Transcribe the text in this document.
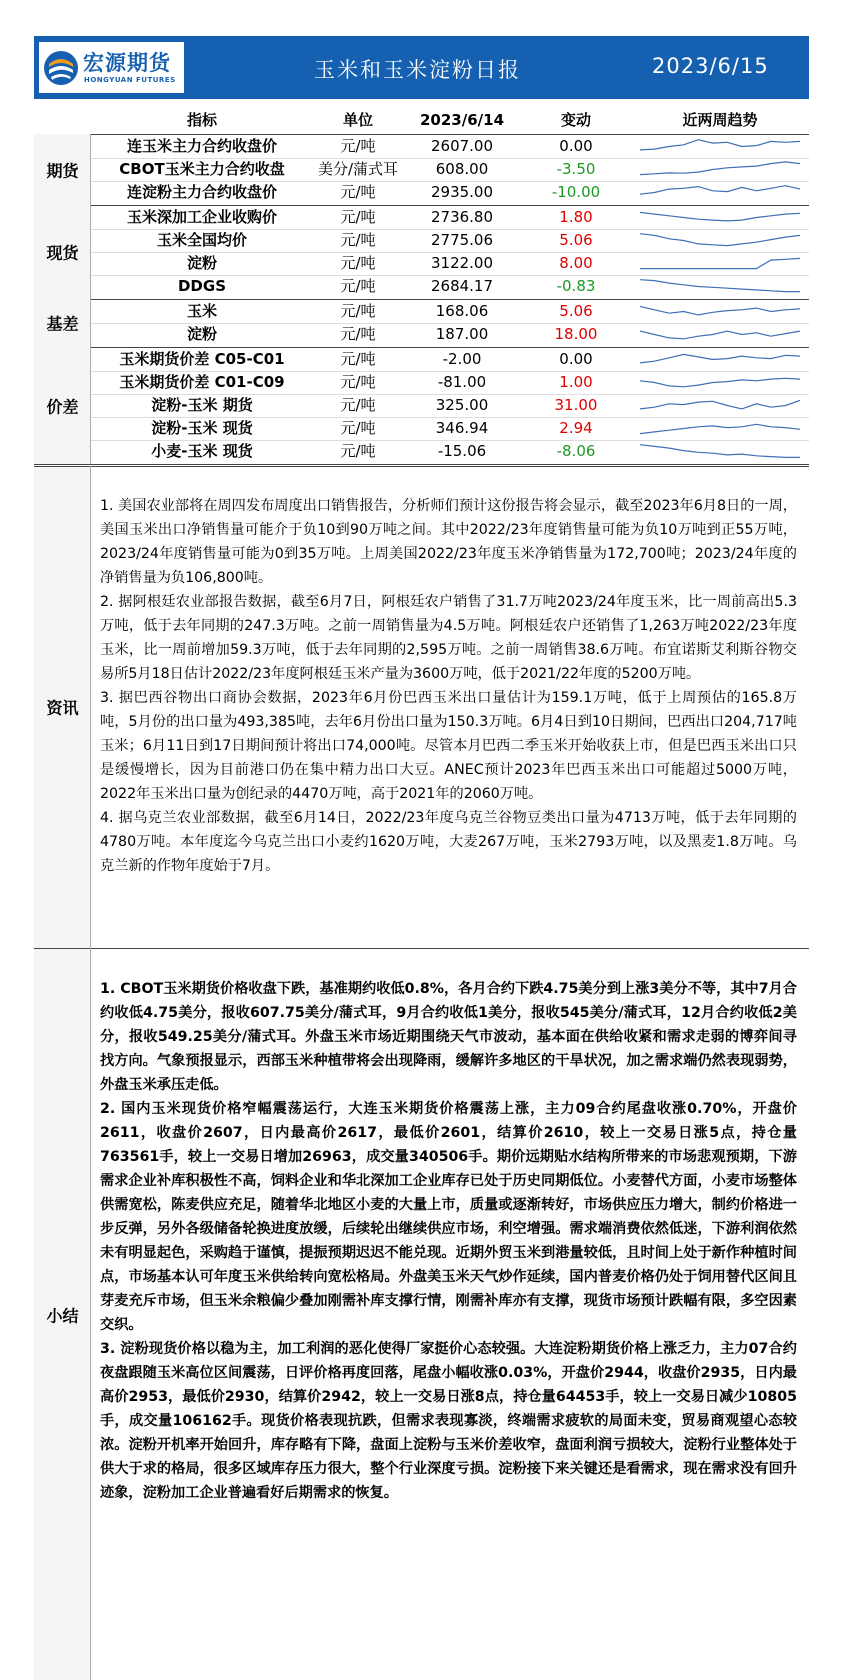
宏源期货
HONGYUAN FUTURES	玉米和玉米淀粉日报	2023/6/15
指标	单位	2023/6/14	变动	近两周趋势
期货
连玉米主力合约收盘价	元/吨	2607.00	0.00
CBOT玉米主力合约收盘	美分/蒲式耳	608.00	-3.50
连淀粉主力合约收盘价	元/吨	2935.00	-10.00
现货
玉米深加工企业收购价	元/吨	2736.80	1.80
玉米全国均价	元/吨	2775.06	5.06
淀粉	元/吨	3122.00	8.00
DDGS	元/吨	2684.17	-0.83
基差
玉米	元/吨	168.06	5.06
淀粉	元/吨	187.00	18.00
价差
玉米期货价差 C05-C01	元/吨	-2.00	0.00
玉米期货价差 C01-C09	元/吨	-81.00	1.00
淀粉-玉米 期货	元/吨	325.00	31.00
淀粉-玉米 现货	元/吨	346.94	2.94
小麦-玉米 现货	元/吨	-15.06	-8.06
资讯

1. 美国农业部将在周四发布周度出口销售报告，分析师们预计这份报告将会显示，截至2023年6月8日的一周，美国玉米出口净销售量可能介于负10到90万吨之间。其中2022/23年度销售量可能为负10万吨到正55万吨，2023/24年度销售量可能为0到35万吨。上周美国2022/23年度玉米净销售量为172,700吨；2023/24年度的净销售量为负106,800吨。

2. 据阿根廷农业部报告数据，截至6月7日，阿根廷农户销售了31.7万吨2023/24年度玉米，比一周前高出5.3万吨，低于去年同期的247.3万吨。之前一周销售量为4.5万吨。阿根廷农户还销售了1,263万吨2022/23年度玉米，比一周前增加59.3万吨，低于去年同期的2,595万吨。之前一周销售38.6万吨。布宜诺斯艾利斯谷物交易所5月18日估计2022/23年度阿根廷玉米产量为3600万吨，低于2021/22年度的5200万吨。

3. 据巴西谷物出口商协会数据，2023年6月份巴西玉米出口量估计为159.1万吨，低于上周预估的165.8万吨，5月份的出口量为493,385吨，去年6月份出口量为150.3万吨。6月4日到10日期间，巴西出口204,717吨玉米；6月11日到17日期间预计将出口74,000吨。尽管本月巴西二季玉米开始收获上市，但是巴西玉米出口只是缓慢增长，因为目前港口仍在集中精力出口大豆。ANEC预计2023年巴西玉米出口可能超过5000万吨，2022年玉米出口量为创纪录的4470万吨，高于2021年的2060万吨。

4. 据乌克兰农业部数据，截至6月14日，2022/23年度乌克兰谷物豆类出口量为4713万吨，低于去年同期的4780万吨。本年度迄今乌克兰出口小麦约1620万吨，大麦267万吨，玉米2793万吨，以及黑麦1.8万吨。乌克兰新的作物年度始于7月。

小结

1. CBOT玉米期货价格收盘下跌，基准期约收低0.8%，各月合约下跌4.75美分到上涨3美分不等，其中7月合约收低4.75美分，报收607.75美分/蒲式耳，9月合约收低1美分，报收545美分/蒲式耳，12月合约收低2美分，报收549.25美分/蒲式耳。外盘玉米市场近期围绕天气市波动，基本面在供给收紧和需求走弱的博弈间寻找方向。气象预报显示，西部玉米种植带将会出现降雨，缓解许多地区的干旱状况，加之需求端仍然表现弱势，外盘玉米承压走低。

2. 国内玉米现货价格窄幅震荡运行，大连玉米期货价格震荡上涨，主力09合约尾盘收涨0.70%，开盘价2611，收盘价2607，日内最高价2617，最低价2601，结算价2610，较上一交易日涨5点，持仓量763561手，较上一交易日增加26963，成交量340506手。期价远期贴水结构所带来的市场悲观预期，下游需求企业补库积极性不高，饲料企业和华北深加工企业库存已处于历史同期低位。小麦替代方面，小麦市场整体供需宽松，陈麦供应充足，随着华北地区小麦的大量上市，质量或逐渐转好，市场供应压力增大，制约价格进一步反弹，另外各级储备轮换进度放缓，后续轮出继续供应市场，利空增强。需求端消费依然低迷，下游利润依然未有明显起色，采购趋于谨慎，提振预期迟迟不能兑现。近期外贸玉米到港量较低，且时间上处于新作种植时间点，市场基本认可年度玉米供给转向宽松格局。外盘美玉米天气炒作延续，国内普麦价格仍处于饲用替代区间且芽麦充斥市场，但玉米余粮偏少叠加刚需补库支撑行情，刚需补库亦有支撑，现货市场预计跌幅有限，多空因素交织。

3. 淀粉现货价格以稳为主，加工利润的恶化使得厂家挺价心态较强。大连淀粉期货价格上涨乏力，主力07合约夜盘跟随玉米高位区间震荡，日评价格再度回落，尾盘小幅收涨0.03%，开盘价2944，收盘价2935，日内最高价2953，最低价2930，结算价2942，较上一交易日涨8点，持仓量64453手，较上一交易日减少10805手，成交量106162手。现货价格表现抗跌，但需求表现寡淡，终端需求疲软的局面未变，贸易商观望心态较浓。淀粉开机率开始回升，库存略有下降，盘面上淀粉与玉米价差收窄，盘面利润亏损较大，淀粉行业整体处于供大于求的格局，很多区域库存压力很大，整个行业深度亏损。淀粉接下来关键还是看需求，现在需求没有回升迹象，淀粉加工企业普遍看好后期需求的恢复。
